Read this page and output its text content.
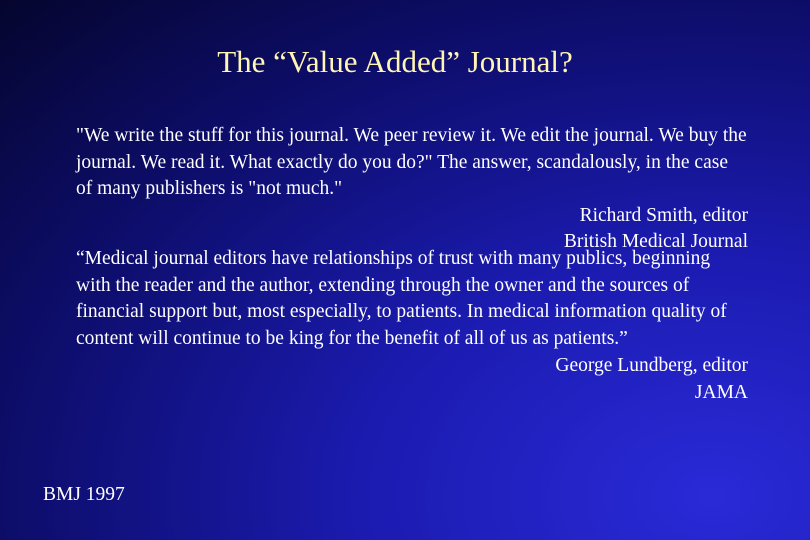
The “Value Added” Journal?

"We write the stuff for this journal. We peer review it. We edit the journal. We buy the journal. We read it. What exactly do you do?" The answer, scandalously, in the case of many publishers is "not much."

Richard Smith, editor

British Medical Journal

“Medical journal editors have relationships of trust with many publics, beginning with the reader and the author, extending through the owner and the sources of financial support but, most especially, to patients. In medical information quality of content will continue to be king for the benefit of all of us as patients.”

George Lundberg, editor

JAMA

BMJ 1997
